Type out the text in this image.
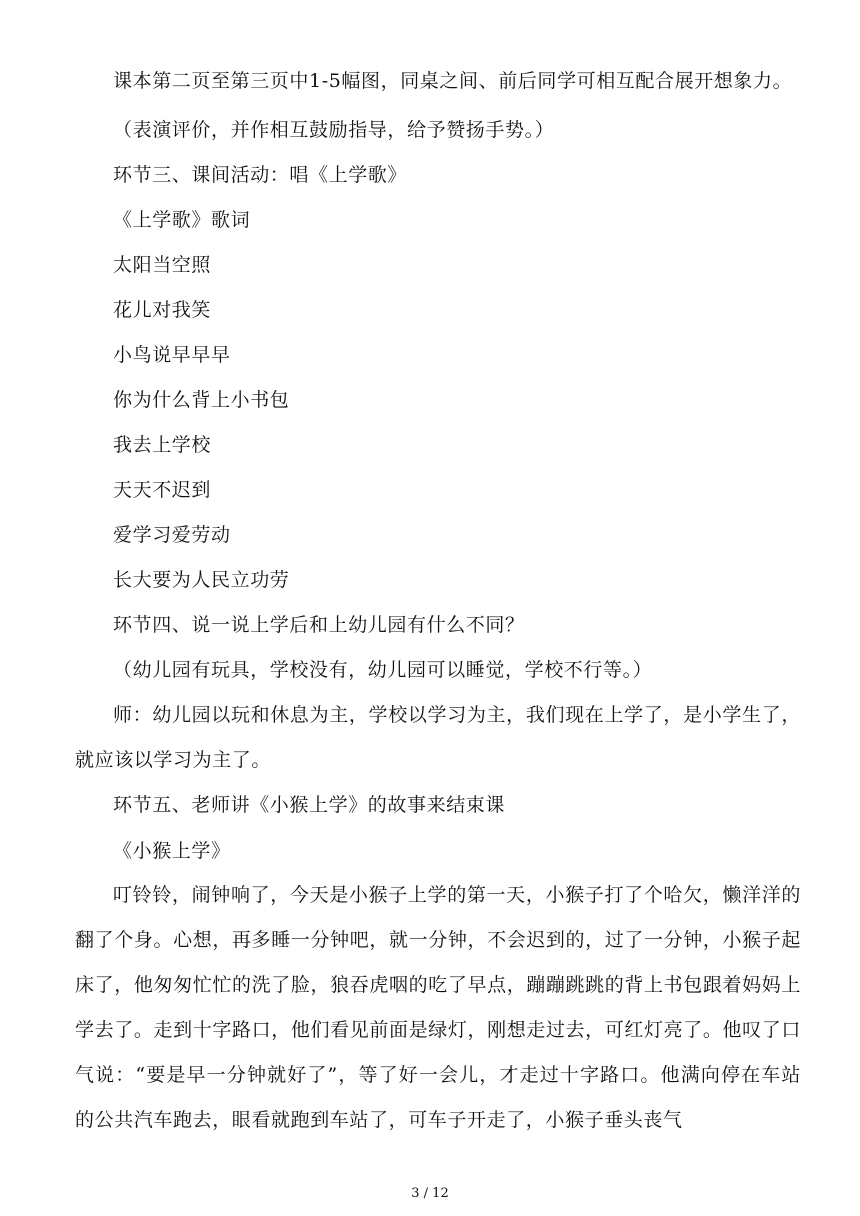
课本第二页至第三页中1-5幅图，同桌之间、前后同学可相互配合展开想象力。
（表演评价，并作相互鼓励指导，给予赞扬手势。）
环节三、课间活动：唱《上学歌》
《上学歌》歌词
太阳当空照
花儿对我笑
小鸟说早早早
你为什么背上小书包
我去上学校
天天不迟到
爱学习爱劳动
长大要为人民立功劳
环节四、说一说上学后和上幼儿园有什么不同？
（幼儿园有玩具，学校没有，幼儿园可以睡觉，学校不行等。）
师：幼儿园以玩和休息为主，学校以学习为主，我们现在上学了，是小学生了，就应该以学习为主了。
环节五、老师讲《小猴上学》的故事来结束课
《小猴上学》
叮铃铃，闹钟响了，今天是小猴子上学的第一天，小猴子打了个哈欠，懒洋洋的翻了个身。心想，再多睡一分钟吧，就一分钟，不会迟到的，过了一分钟，小猴子起床了，他匆匆忙忙的洗了脸，狼吞虎咽的吃了早点，蹦蹦跳跳的背上书包跟着妈妈上学去了。走到十字路口，他们看见前面是绿灯，刚想走过去，可红灯亮了。他叹了口气说：“要是早一分钟就好了”，等了好一会儿，才走过十字路口。他满向停在车站的公共汽车跑去，眼看就跑到车站了，可车子开走了，小猴子垂头丧气
3 / 12
